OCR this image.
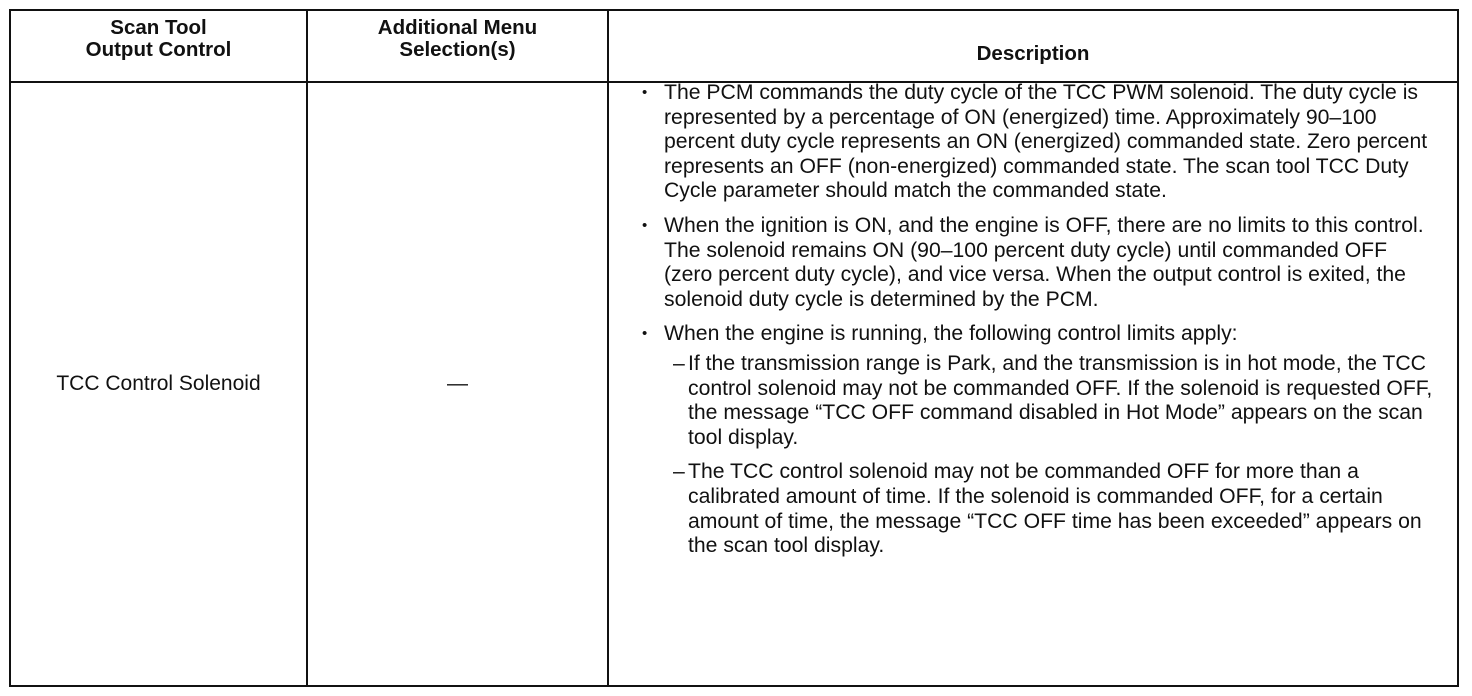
Scan Tool
Output Control
Additional Menu
Selection(s)	Description
TCC Control Solenoid	—
• The PCM commands the duty cycle of the TCC PWM solenoid. The duty cycle is represented by a percentage of ON (energized) time. Approximately 90–100 percent duty cycle represents an ON (energized) commanded state. Zero percent represents an OFF (non-energized) commanded state. The scan tool TCC Duty Cycle parameter should match the commanded state.

• When the ignition is ON, and the engine is OFF, there are no limits to this control. The solenoid remains ON (90–100 percent duty cycle) until commanded OFF (zero percent duty cycle), and vice versa. When the output control is exited, the solenoid duty cycle is determined by the PCM.

• When the engine is running, the following control limits apply:

– If the transmission range is Park, and the transmission is in hot mode, the TCC control solenoid may not be commanded OFF. If the solenoid is requested OFF, the message “TCC OFF command disabled in Hot Mode” appears on the scan tool display.

– The TCC control solenoid may not be commanded OFF for more than a calibrated amount of time. If the solenoid is commanded OFF, for a certain amount of time, the message “TCC OFF time has been exceeded” appears on the scan tool display.
